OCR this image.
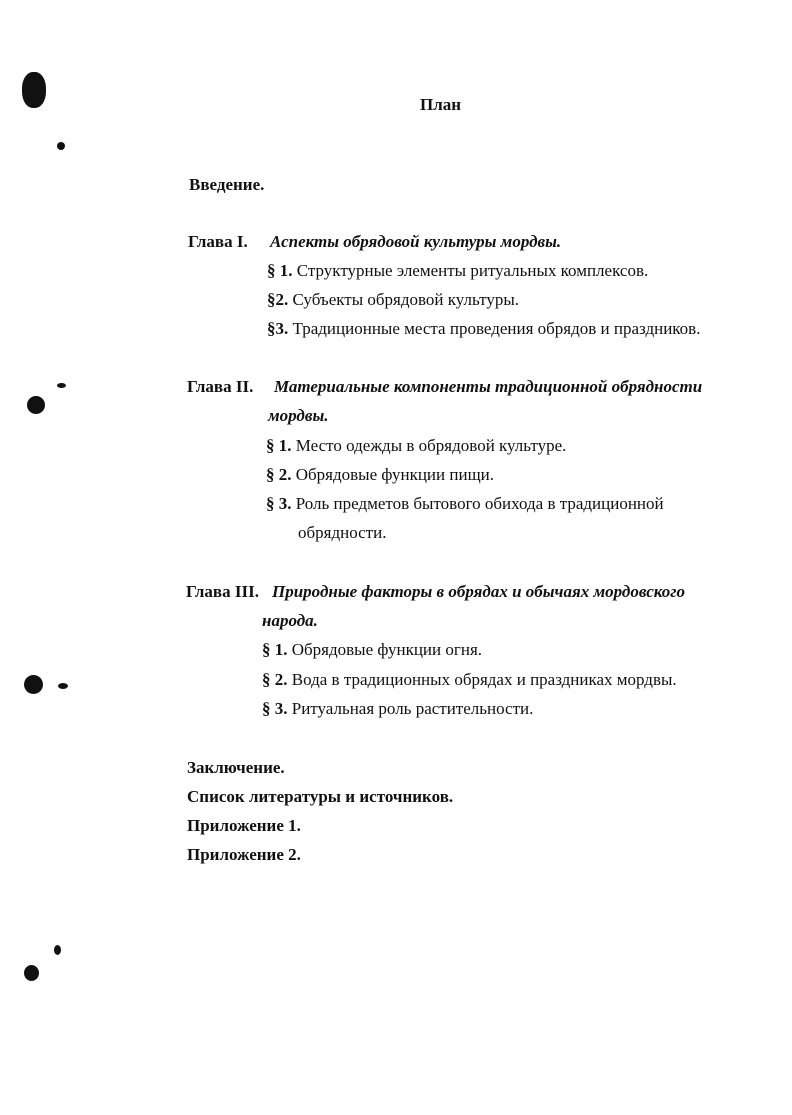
План
Введение.
Глава I. Аспекты обрядовой культуры мордвы.
§ 1. Структурные элементы ритуальных комплексов.
§2. Субъекты обрядовой культуры.
§3. Традиционные места проведения обрядов и праздников.
Глава II. Материальные компоненты традиционной обрядности
мордвы.
§ 1. Место одежды в обрядовой культуре.
§ 2. Обрядовые функции пищи.
§ 3. Роль предметов бытового обихода в традиционной
обрядности.
Глава III. Природные факторы в обрядах и обычаях мордовского
народа.
§ 1. Обрядовые функции огня.
§ 2. Вода в традиционных обрядах и праздниках мордвы.
§ 3. Ритуальная роль растительности.
Заключение.
Список литературы и источников.
Приложение 1.
Приложение 2.
